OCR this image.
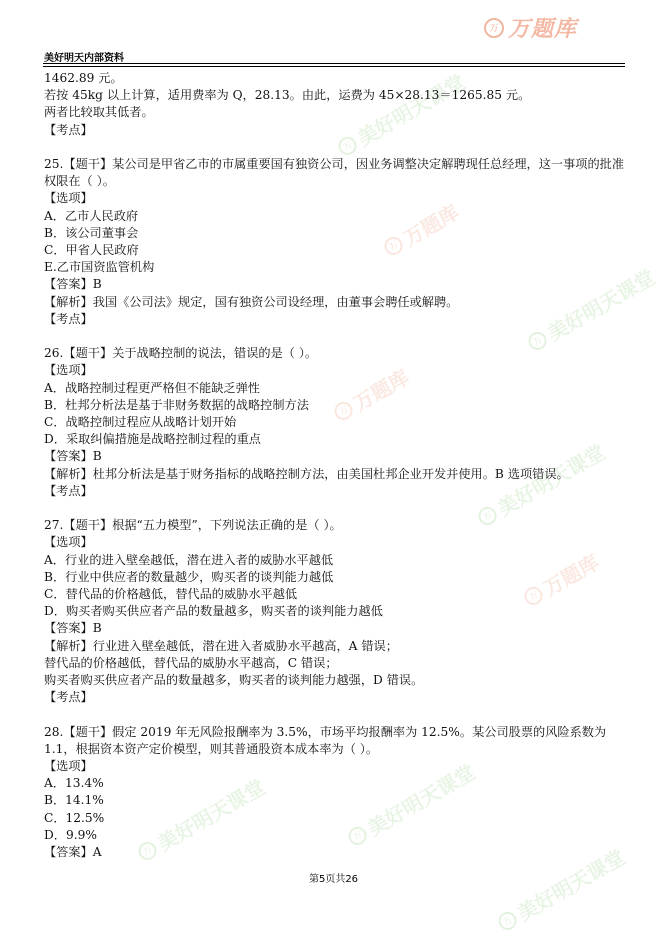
美好明天内部资料
万 万题库
万
美好明天课堂
万
万题库
万
美好明天课堂
万
万题库
万
美好明天课堂
万
万题库
万
美好明天课堂	万
美好明天课堂
万
美好明天课堂
1462.89 元。
若按 45kg 以上计算，适用费率为 Q，28.13。由此，运费为 45×28.13＝1265.85 元。
两者比较取其低者。
【考点】
25.【题干】某公司是甲省乙市的市属重要国有独资公司，因业务调整决定解聘现任总经理，这一事项的批准权限在（ ）。
【选项】
A．乙市人民政府
B．该公司董事会
C．甲省人民政府
E.乙市国资监管机构
【答案】B
【解析】我国《公司法》规定，国有独资公司设经理，由董事会聘任或解聘。
【考点】
26.【题干】关于战略控制的说法，错误的是（ ）。
【选项】
A．战略控制过程更严格但不能缺乏弹性
B．杜邦分析法是基于非财务数据的战略控制方法
C．战略控制过程应从战略计划开始
D．采取纠偏措施是战略控制过程的重点
【答案】B
【解析】杜邦分析法是基于财务指标的战略控制方法，由美国杜邦企业开发并使用。B 选项错误。
【考点】
27.【题干】根据“五力模型”，下列说法正确的是（ ）。
【选项】
A．行业的进入壁垒越低，潜在进入者的威胁水平越低
B．行业中供应者的数量越少，购买者的谈判能力越低
C．替代品的价格越低，替代品的威胁水平越低
D．购买者购买供应者产品的数量越多，购买者的谈判能力越低
【答案】B
【解析】行业进入壁垒越低，潜在进入者威胁水平越高，A 错误；
替代品的价格越低，替代品的威胁水平越高，C 错误；
购买者购买供应者产品的数量越多，购买者的谈判能力越强，D 错误。
【考点】
28.【题干】假定 2019 年无风险报酬率为 3.5%，市场平均报酬率为 12.5%。某公司股票的风险系数为 1.1，根据资本资产定价模型，则其普通股资本成本率为（ ）。
【选项】
A．13.4%
B．14.1%
C．12.5%
D．9.9%
【答案】A
第5页共26
